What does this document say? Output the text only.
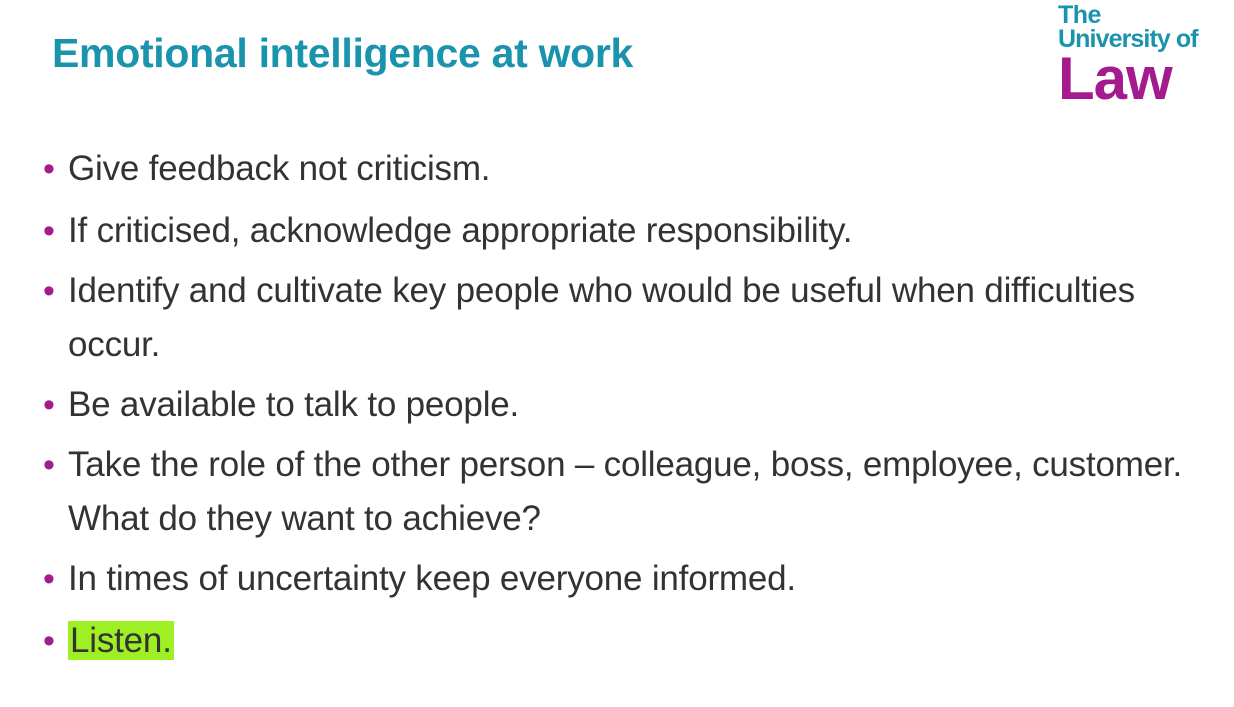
Emotional intelligence at work
The
University of
Law
• Give feedback not criticism.
• If criticised, acknowledge appropriate responsibility.
• Identify and cultivate key people who would be useful when difficulties occur.
• Be available to talk to people.
• Take the role of the other person – colleague, boss, employee, customer. What do they want to achieve?
• In times of uncertainty keep everyone informed.
• Listen.
